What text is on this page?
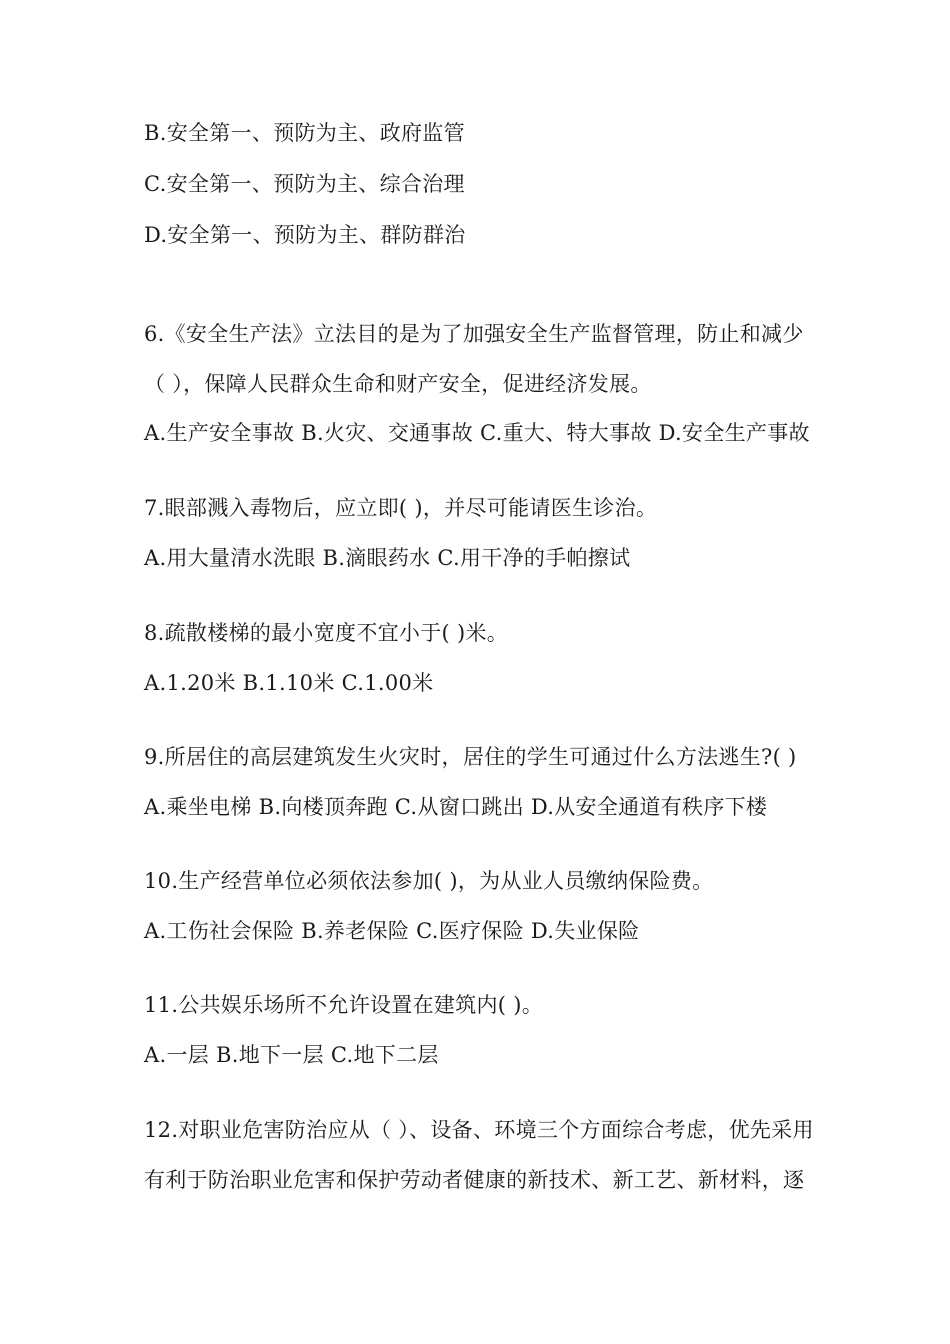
B.安全第一、预防为主、政府监管
C.安全第一、预防为主、综合治理
D.安全第一、预防为主、群防群治
6.《安全生产法》立法目的是为了加强安全生产监督管理，防止和减少
（ ），保障人民群众生命和财产安全，促进经济发展。
A.生产安全事故 B.火灾、交通事故 C.重大、特大事故 D.安全生产事故
7.眼部溅入毒物后，应立即( )，并尽可能请医生诊治。
A.用大量清水洗眼 B.滴眼药水 C.用干净的手帕擦试
8.疏散楼梯的最小宽度不宜小于( )米。
A.1.20米 B.1.10米 C.1.00米
9.所居住的高层建筑发生火灾时，居住的学生可通过什么方法逃生?( )
A.乘坐电梯 B.向楼顶奔跑 C.从窗口跳出 D.从安全通道有秩序下楼
10.生产经营单位必须依法参加( )，为从业人员缴纳保险费。
A.工伤社会保险 B.养老保险 C.医疗保险 D.失业保险
11.公共娱乐场所不允许设置在建筑内( )。
A.一层 B.地下一层 C.地下二层
12.对职业危害防治应从（ ）、设备、环境三个方面综合考虑，优先采用
有利于防治职业危害和保护劳动者健康的新技术、新工艺、新材料，逐
